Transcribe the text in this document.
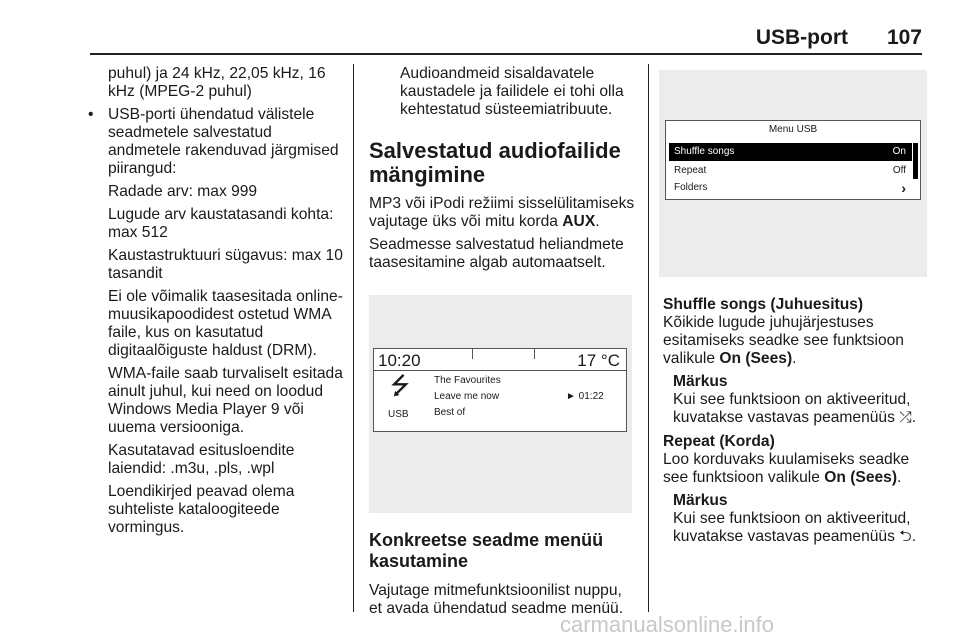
USB-port 107

puhul) ja 24 kHz, 22,05 kHz, 16 kHz (MPEG-2 puhul)

• USB-porti ühendatud välistele seadmetele salvestatud andmetele rakenduvad järgmised piirangud:

Radade arv: max 999

Lugude arv kaustatasandi kohta: max 512

Kaustastruktuuri sügavus: max 10 tasandit

Ei ole võimalik taasesitada online-muusikapoodidest ostetud WMA faile, kus on kasutatud digitaalõiguste haldust (DRM).

WMA-faile saab turvaliselt esitada ainult juhul, kui need on loodud Windows Media Player 9 või uuema versiooniga.

Kasutatavad esitusloendite laiendid: .m3u, .pls, .wpl

Loendikirjed peavad olema suhteliste kataloogiteede vormingus.

Audioandmeid sisaldavatele kaustadele ja failidele ei tohi olla kehtestatud süsteemiatribuute.

Salvestatud audiofailide mängimine

MP3 või iPodi režiimi sisselülitamiseks vajutage üks või mitu korda AUX.

Seadmesse salvestatud heliandmete taasesitamine algab automaatselt.

10:20	17 °C
⭍
USB
The Favourites
Leave me now
Best of
► 01:22
Konkreetse seadme menüü kasutamine

Vajutage mitmefunktsioonilist nuppu, et avada ühendatud seadme menüü.

Menu USB
Shuffle songs	On
Repeat	Off
Folders	›

Shuffle songs (Juhuesitus)

Kõikide lugude juhujärjestuses esitamiseks seadke see funktsioon valikule On (Sees).

Märkus

Kui see funktsioon on aktiveeritud, kuvatakse vastavas peamenüüs ⤮.

Repeat (Korda)

Loo korduvaks kuulamiseks seadke see funktsioon valikule On (Sees).

Märkus

Kui see funktsioon on aktiveeritud, kuvatakse vastavas peamenüüs ⮌.

carmanualsonline.info
